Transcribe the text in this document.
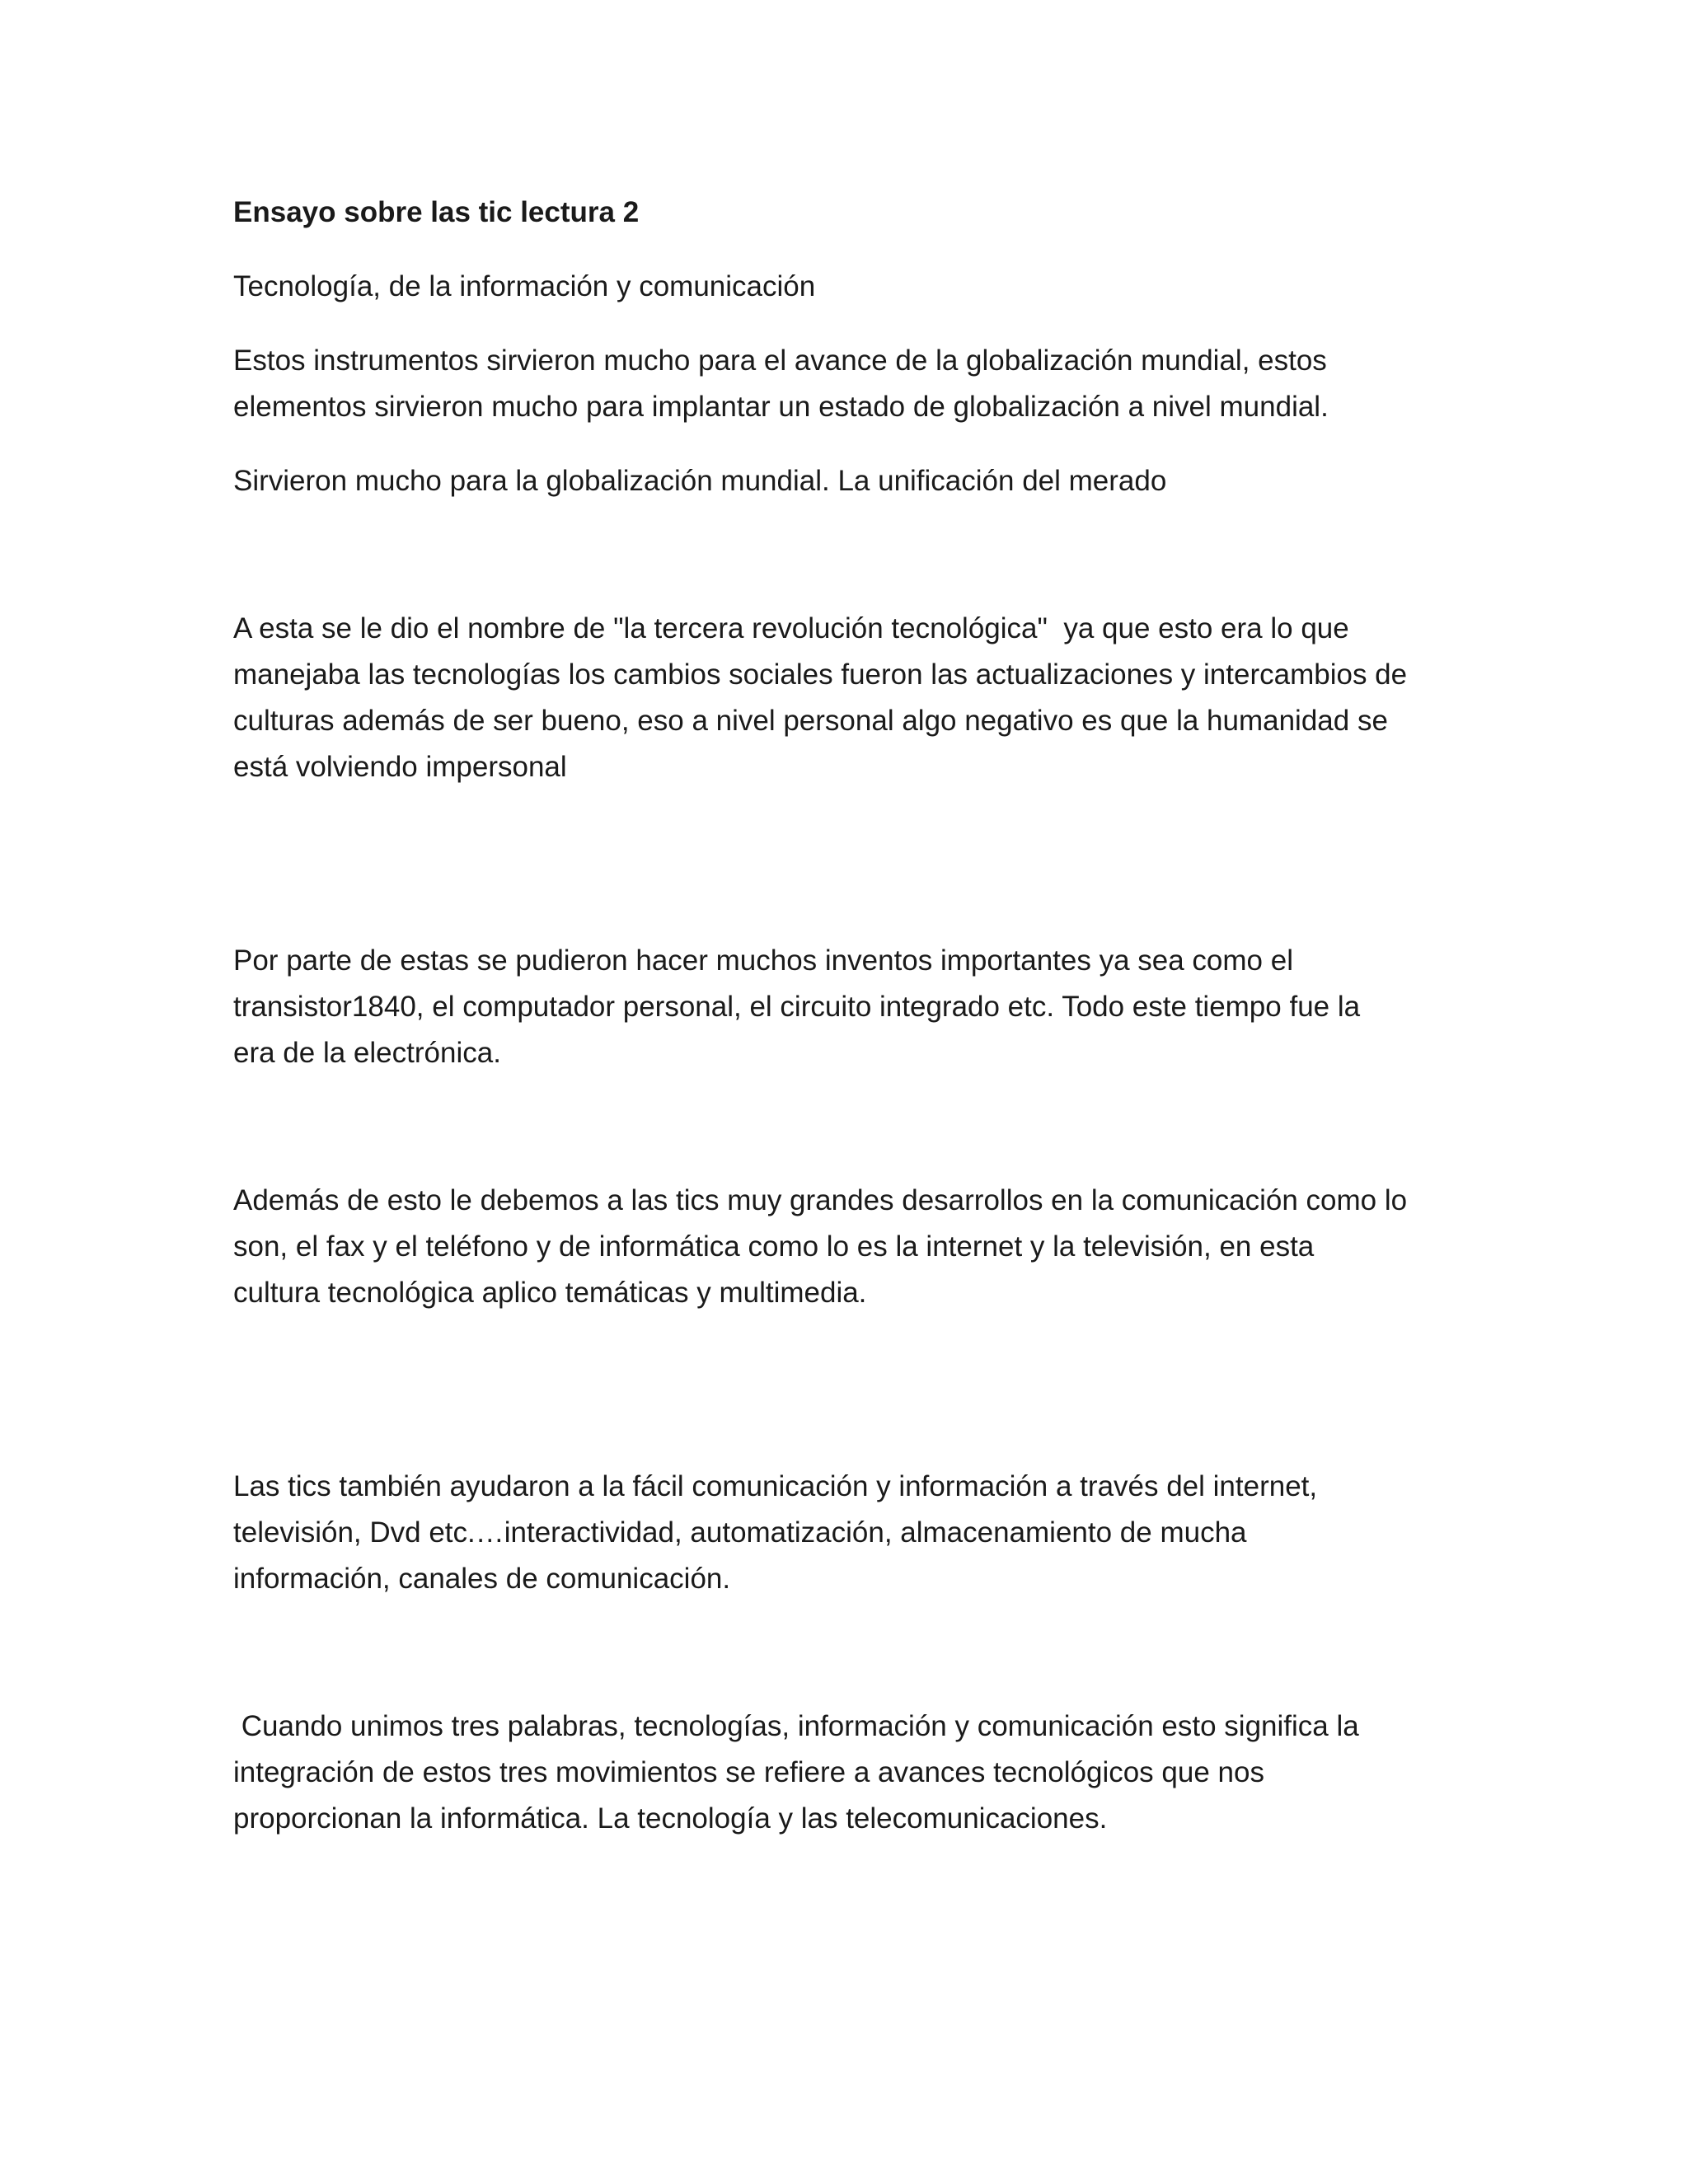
Ensayo sobre las tic lectura 2

Tecnología, de la información y comunicación

Estos instrumentos sirvieron mucho para el avance de la globalización mundial, estos

elementos sirvieron mucho para implantar un estado de globalización a nivel mundial.

Sirvieron mucho para la globalización mundial. La unificación del merado

A esta se le dio el nombre de "la tercera revolución tecnológica"  ya que esto era lo que

manejaba las tecnologías los cambios sociales fueron las actualizaciones y intercambios de

culturas además de ser bueno, eso a nivel personal algo negativo es que la humanidad se

está volviendo impersonal

Por parte de estas se pudieron hacer muchos inventos importantes ya sea como el

transistor1840, el computador personal, el circuito integrado etc. Todo este tiempo fue la

era de la electrónica.

Además de esto le debemos a las tics muy grandes desarrollos en la comunicación como lo

son, el fax y el teléfono y de informática como lo es la internet y la televisión, en esta

cultura tecnológica aplico temáticas y multimedia.

Las tics también ayudaron a la fácil comunicación y información a través del internet,

televisión, Dvd etc.…interactividad, automatización, almacenamiento de mucha

información, canales de comunicación.

Cuando unimos tres palabras, tecnologías, información y comunicación esto significa la

integración de estos tres movimientos se refiere a avances tecnológicos que nos

proporcionan la informática. La tecnología y las telecomunicaciones.
